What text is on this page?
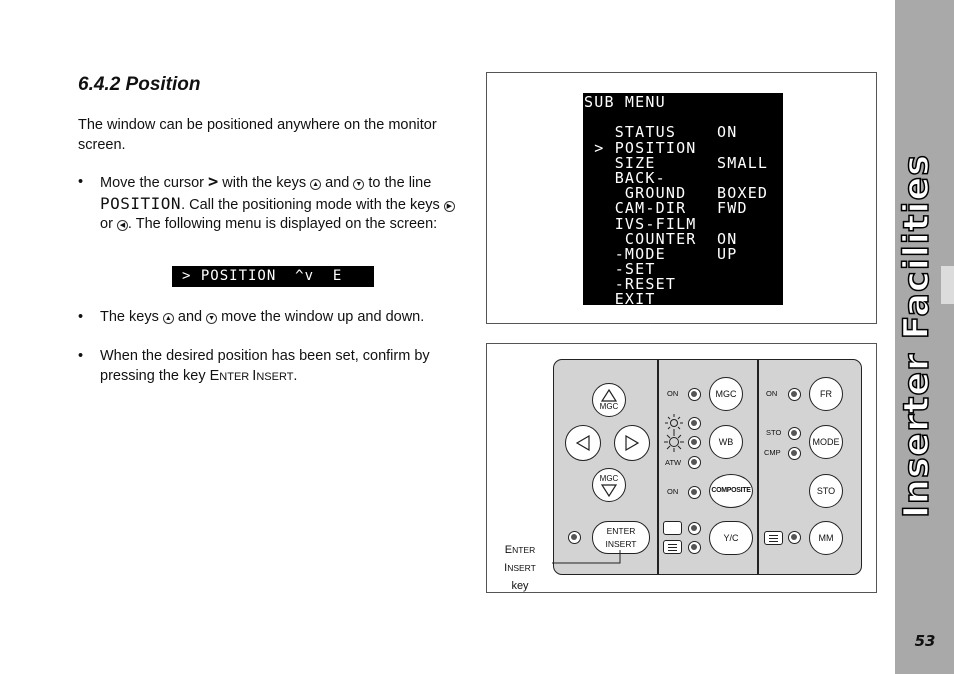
Inserter Facilities
53
6.4.2 Position
The window can be positioned anywhere on the monitor screen.
• Move the cursor > with the keys ▲ and ▼ to the line POSITION. Call the positioning mode with the keys ▶ or ◀ . The following menu is displayed on the screen:
> POSITION  ^v  E
• The keys ▲ and ▼ move the window up and down.
• When the desired position has been set, confirm by pressing the key ENTER INSERT.
SUB MENU
STATUS    ON
> POSITION
SIZE      SMALL
BACK-
GROUND   BOXED
CAM-DIR   FWD
IVS-FILM
COUNTER  ON
-MODE     UP
-SET
-RESET
EXIT
MGC
MGC
ENTER
INSERT
ON	MGC
ATW
WB
ON	COMPOSITE
Y/C
ON	FR
STO
CMP
MODE
STO
MM
ENTER INSERT
key
